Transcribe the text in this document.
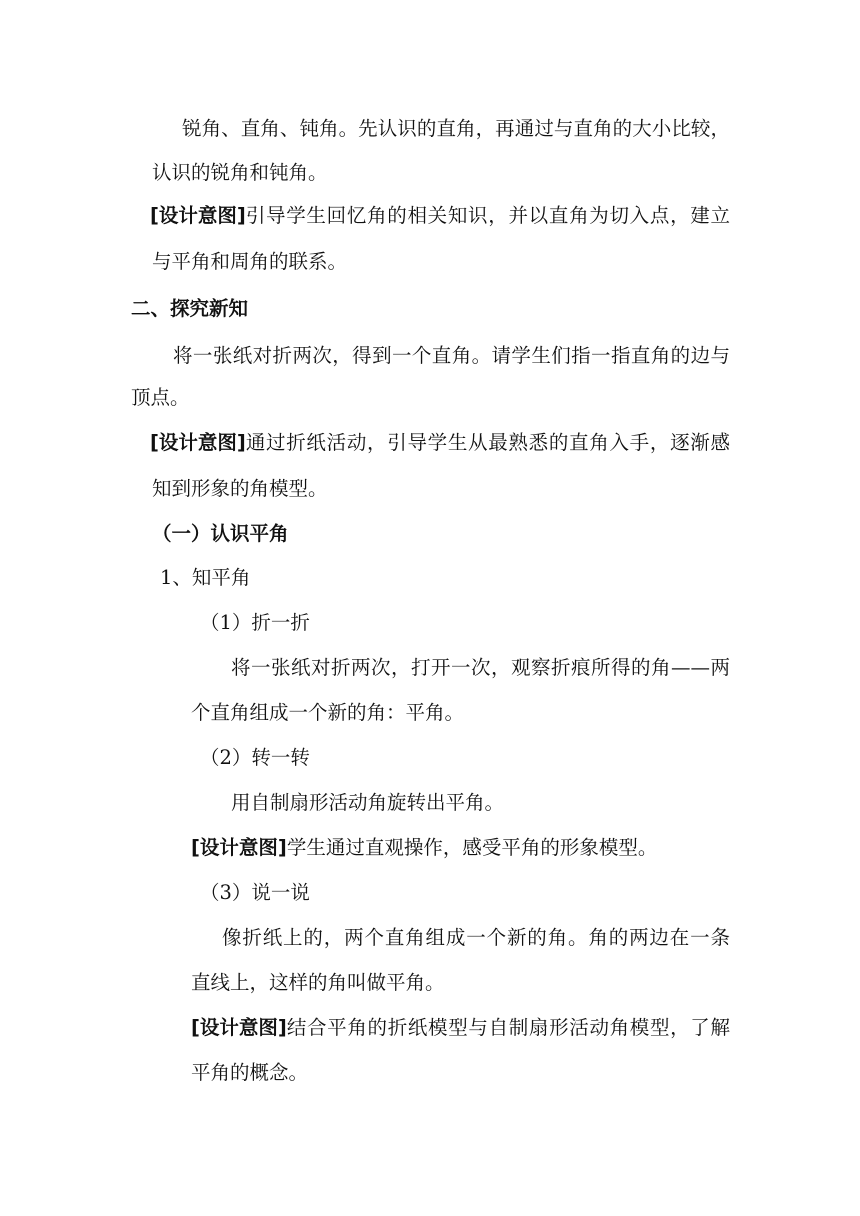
锐角、直角、钝角。先认识的直角，再通过与直角的大小比较，
认识的锐角和钝角。
[设计意图] 引导学生回忆角的相关知识，并以直角为切入点，建立
与平角和周角的联系。
二、探究新知
将一张纸对折两次，得到一个直角。请学生们指一指直角的边与
顶点。
[设计意图] 通过折纸活动，引导学生从最熟悉的直角入手，逐渐感
知到形象的角模型。
（一）认识平角
1、知平角
（1）折一折
将一张纸对折两次，打开一次，观察折痕所得的角——两
个直角组成一个新的角：平角。
（2）转一转
用自制扇形活动角旋转出平角。
[设计意图]学生通过直观操作，感受平角的形象模型。
（3）说一说
像折纸上的，两个直角组成一个新的角。角的两边在一条
直线上，这样的角叫做平角。
[设计意图] 结合平角的折纸模型与自制扇形活动角模型，了解
平角的概念。
